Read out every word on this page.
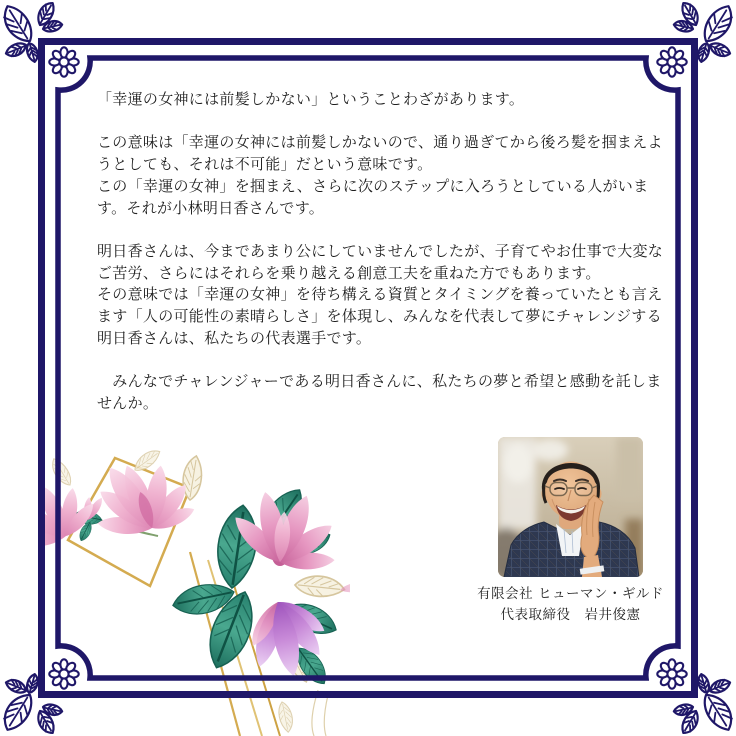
「幸運の女神には前髪しかない」ということわざがあります。

この意味は「幸運の女神には前髪しかないので、通り過ぎてから後ろ髪を掴まえよ
うとしても、それは不可能」だという意味です。
この「幸運の女神」を掴まえ、さらに次のステップに入ろうとしている人がいま
す。それが小林明日香さんです。

明日香さんは、今まであまり公にしていませんでしたが、子育てやお仕事で大変な
ご苦労、さらにはそれらを乗り越える創意工夫を重ねた方でもあります。
その意味では「幸運の女神」を待ち構える資質とタイミングを養っていたとも言え
ます「人の可能性の素晴らしさ」を体現し、みんなを代表して夢にチャレンジする
明日香さんは、私たちの代表選手です。

　みんなでチャレンジャーである明日香さんに、私たちの夢と希望と感動を託しま
せんか。

有限会社 ヒューマン・ギルド
代表取締役　岩井俊憲
